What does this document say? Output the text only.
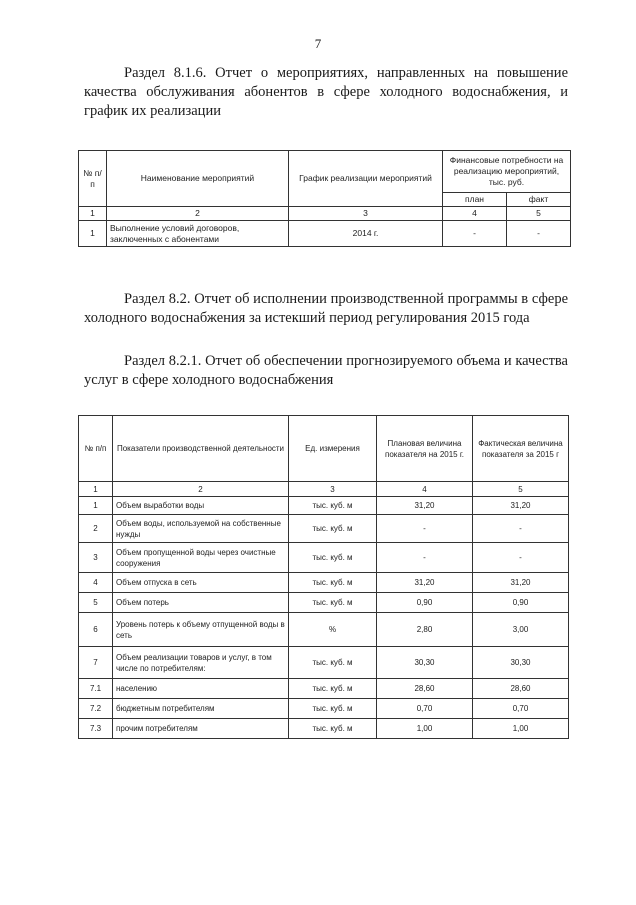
7
Раздел 8.1.6. Отчет о мероприятиях, направленных на повышение качества обслуживания абонентов в сфере холодного водоснабжения, и график их реализации
№ п/п	Наименование мероприятий	График реализации мероприятий	Финансовые потребности на реализацию мероприятий, тыс. руб.	
			план	факт
1	2	3	4	5
1	Выполнение условий договоров, заключенных с абонентами	2014 г.	-	-
Раздел 8.2. Отчет об исполнении производственной программы в сфере холодного водоснабжения за истекший период регулирования 2015 года
Раздел 8.2.1. Отчет об обеспечении прогнозируемого объема и качества услуг в сфере холодного водоснабжения
№ п/п	Показатели производственной деятельности	Ед. измерения	Плановая величина показателя на 2015 г.	Фактическая величина показателя за 2015 г
1	2	3	4	5
1	Объем выработки воды	тыс. куб. м	31,20	31,20
2	Объем воды, используемой на собственные нужды	тыс. куб. м	-	-
3	Объем пропущенной воды через очистные сооружения	тыс. куб. м	-	-
4	Объем отпуска в сеть	тыс. куб. м	31,20	31,20
5	Объем потерь	тыс. куб. м	0,90	0,90
6	Уровень потерь к объему отпущенной воды в сеть	%	2,80	3,00
7	Объем реализации товаров и услуг, в том числе по потребителям:	тыс. куб. м	30,30	30,30
7.1	населению	тыс. куб. м	28,60	28,60
7.2	бюджетным потребителям	тыс. куб. м	0,70	0,70
7.3	прочим потребителям	тыс. куб. м	1,00	1,00
